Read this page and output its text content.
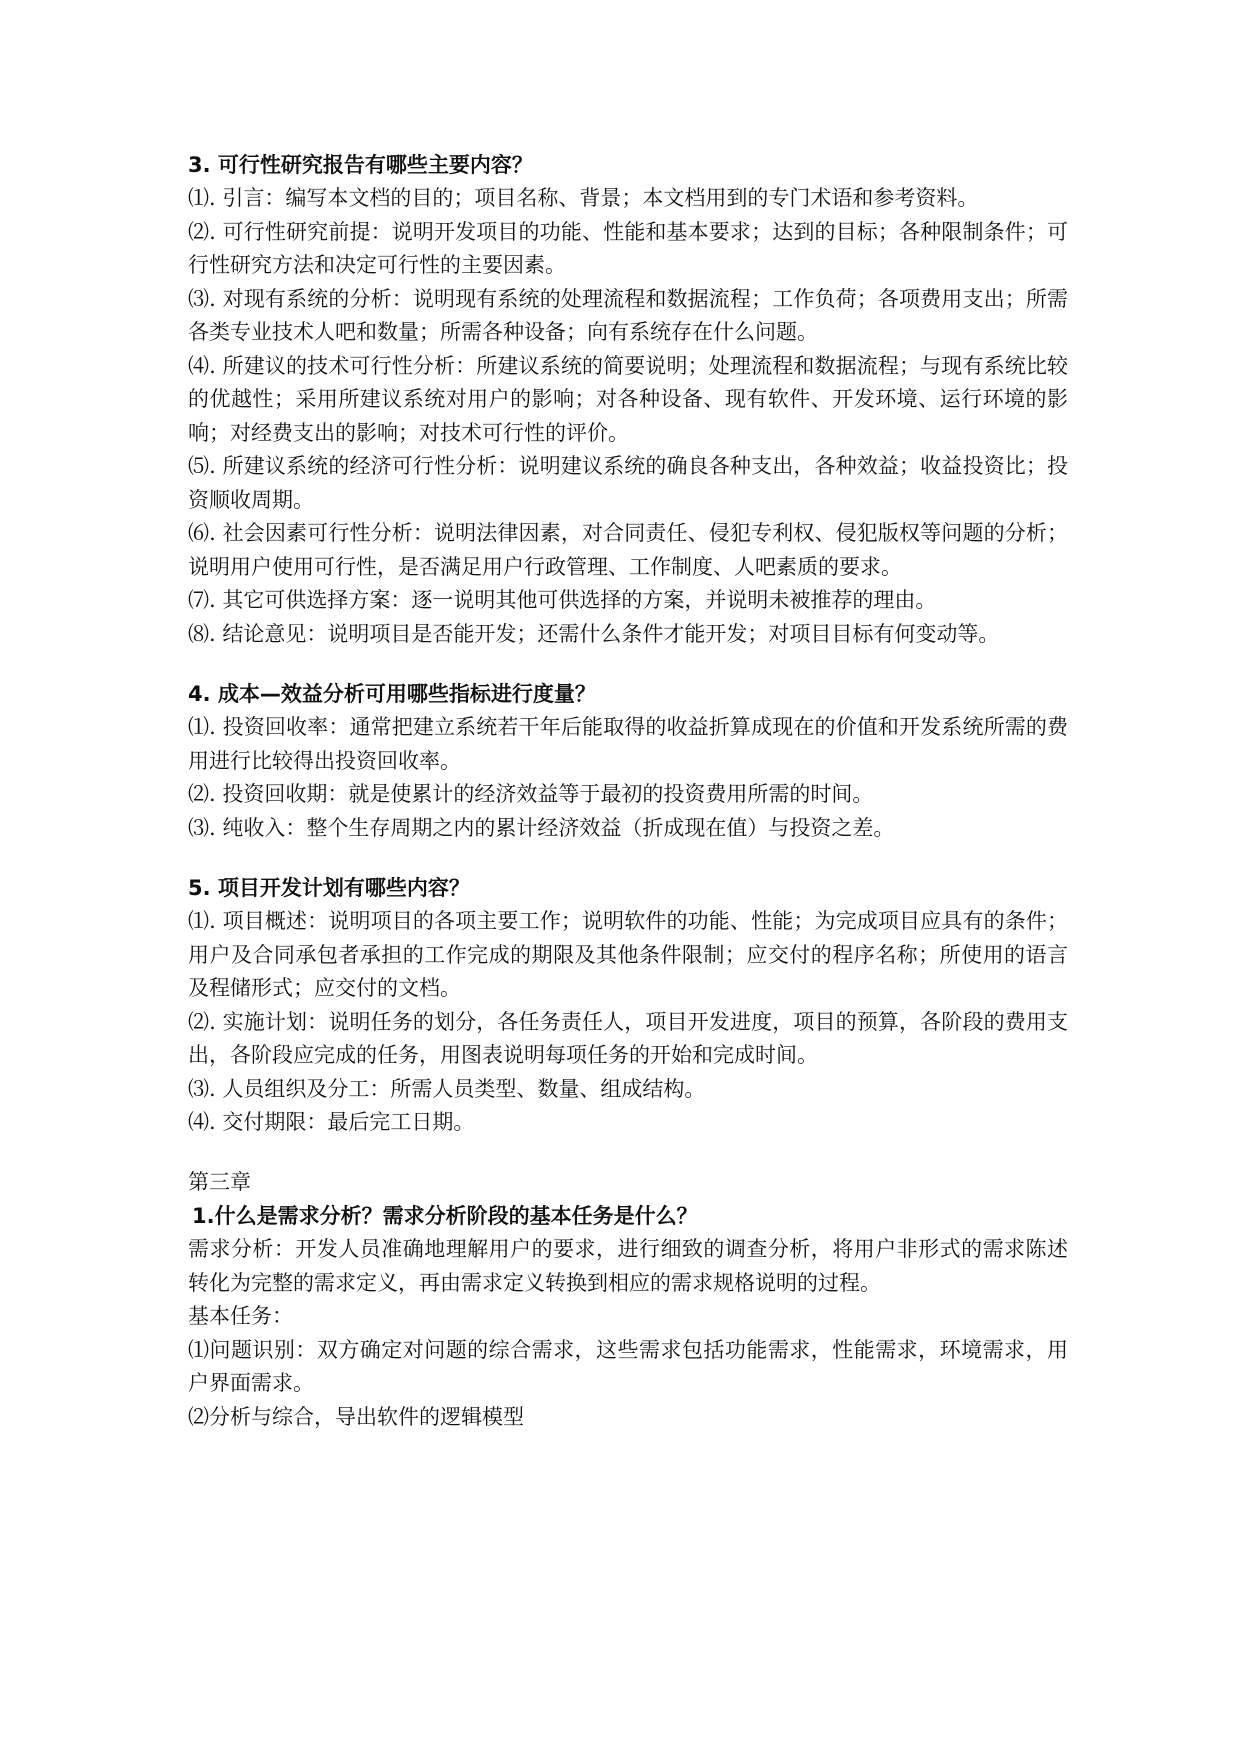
3. 可行性研究报告有哪些主要内容？

⑴. 引言：编写本文档的目的；项目名称、背景；本文档用到的专门术语和参考资料。

⑵. 可行性研究前提：说明开发项目的功能、性能和基本要求；达到的目标；各种限制条件；可行性研究方法和决定可行性的主要因素。

⑶. 对现有系统的分析：说明现有系统的处理流程和数据流程；工作负荷；各项费用支出；所需各类专业技术人吧和数量；所需各种设备；向有系统存在什么问题。

⑷. 所建议的技术可行性分析：所建议系统的简要说明；处理流程和数据流程；与现有系统比较的优越性；采用所建议系统对用户的影响；对各种设备、现有软件、开发环境、运行环境的影响；对经费支出的影响；对技术可行性的评价。

⑸. 所建议系统的经济可行性分析：说明建议系统的确良各种支出，各种效益；收益投资比；投资顺收周期。

⑹. 社会因素可行性分析：说明法律因素，对合同责任、侵犯专利权、侵犯版权等问题的分析；说明用户使用可行性，是否满足用户行政管理、工作制度、人吧素质的要求。

⑺. 其它可供选择方案：逐一说明其他可供选择的方案，并说明未被推荐的理由。

⑻. 结论意见：说明项目是否能开发；还需什么条件才能开发；对项目目标有何变动等。

4. 成本—效益分析可用哪些指标进行度量？

⑴. 投资回收率：通常把建立系统若干年后能取得的收益折算成现在的价值和开发系统所需的费用进行比较得出投资回收率。

⑵. 投资回收期：就是使累计的经济效益等于最初的投资费用所需的时间。

⑶. 纯收入：整个生存周期之内的累计经济效益（折成现在值）与投资之差。

5. 项目开发计划有哪些内容？

⑴. 项目概述：说明项目的各项主要工作；说明软件的功能、性能；为完成项目应具有的条件；用户及合同承包者承担的工作完成的期限及其他条件限制；应交付的程序名称；所使用的语言及程储形式；应交付的文档。

⑵. 实施计划：说明任务的划分，各任务责任人，项目开发进度，项目的预算，各阶段的费用支出，各阶段应完成的任务，用图表说明每项任务的开始和完成时间。

⑶. 人员组织及分工：所需人员类型、数量、组成结构。

⑷. 交付期限：最后完工日期。

第三章

1.什么是需求分析？需求分析阶段的基本任务是什么？

需求分析：开发人员准确地理解用户的要求，进行细致的调查分析，将用户非形式的需求陈述转化为完整的需求定义，再由需求定义转换到相应的需求规格说明的过程。

基本任务：

⑴问题识别：双方确定对问题的综合需求，这些需求包括功能需求，性能需求，环境需求，用户界面需求。

⑵分析与综合，导出软件的逻辑模型
